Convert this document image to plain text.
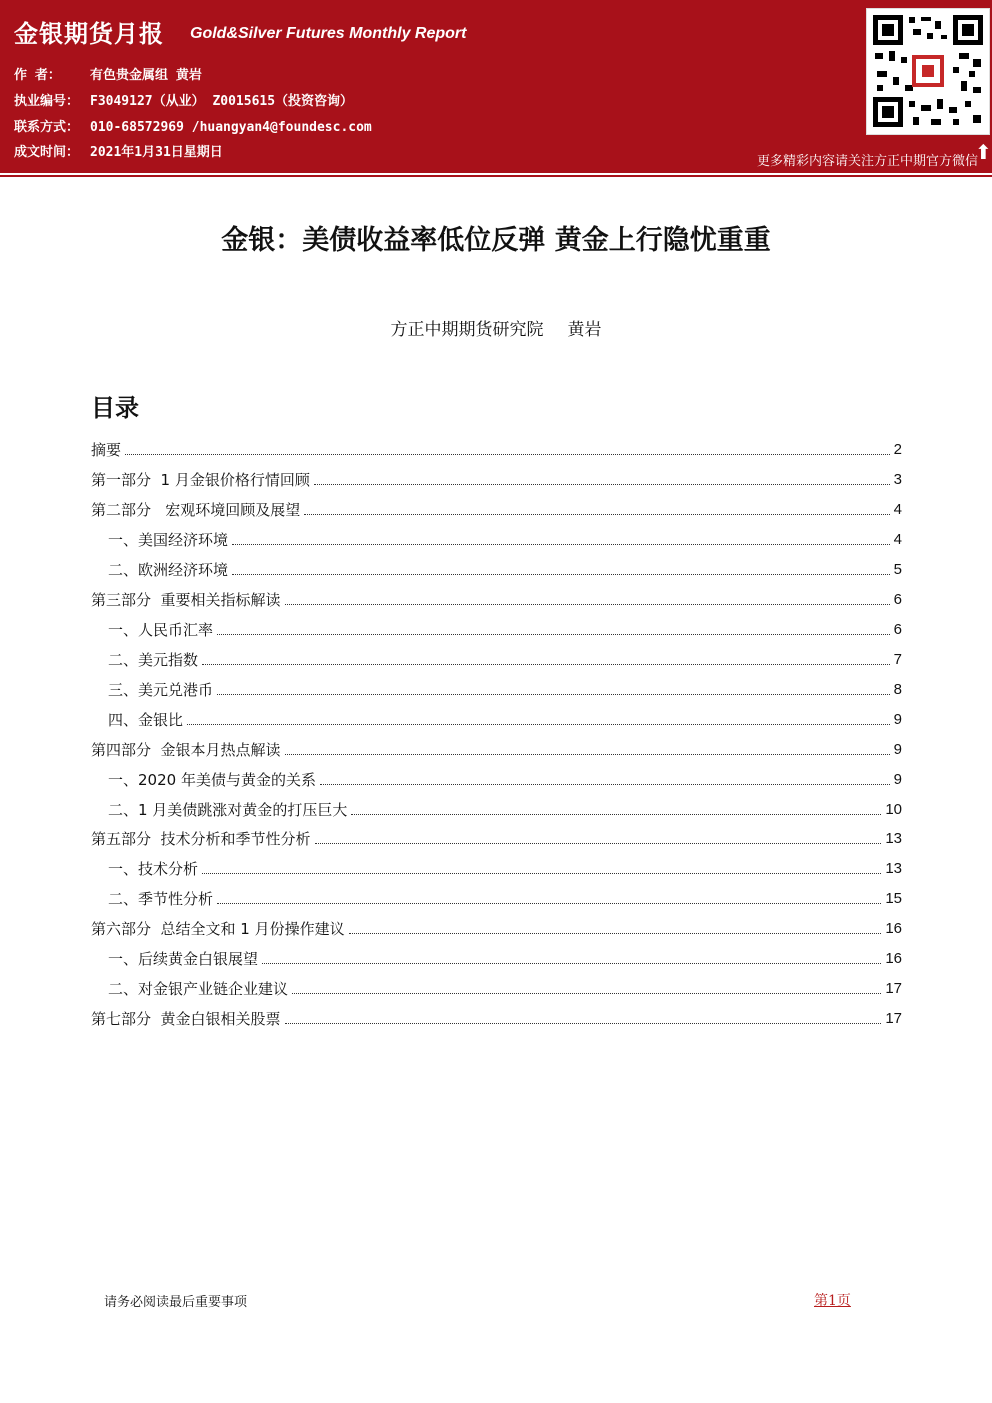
金银期货月报 Gold&Silver Futures Monthly Report
作 者： 有色贵金属组 黄岩
执业编号： F3049127（从业） Z0015615（投资咨询）
联系方式： 010-68572969 /huangyan4@foundesc.com
成文时间： 2021年1月31日星期日	⬆
更多精彩内容请关注方正中期官方微信
金银：美债收益率低位反弹 黄金上行隐忧重重
方正中期期货研究院 黄岩
目录
摘要	2
第一部分  1 月金银价格行情回顾	3
第二部分   宏观环境回顾及展望	4
一、美国经济环境	4
二、欧洲经济环境	5
第三部分  重要相关指标解读	6
一、人民币汇率	6
二、美元指数	7
三、美元兑港币	8
四、金银比	9
第四部分  金银本月热点解读	9
一、2020 年美债与黄金的关系	9
二、1 月美债跳涨对黄金的打压巨大	10
第五部分  技术分析和季节性分析	13
一、技术分析	13
二、季节性分析	15
第六部分  总结全文和 1 月份操作建议	16
一、后续黄金白银展望	16
二、对金银产业链企业建议	17
第七部分  黄金白银相关股票	17
请务必阅读最后重要事项	第1页
